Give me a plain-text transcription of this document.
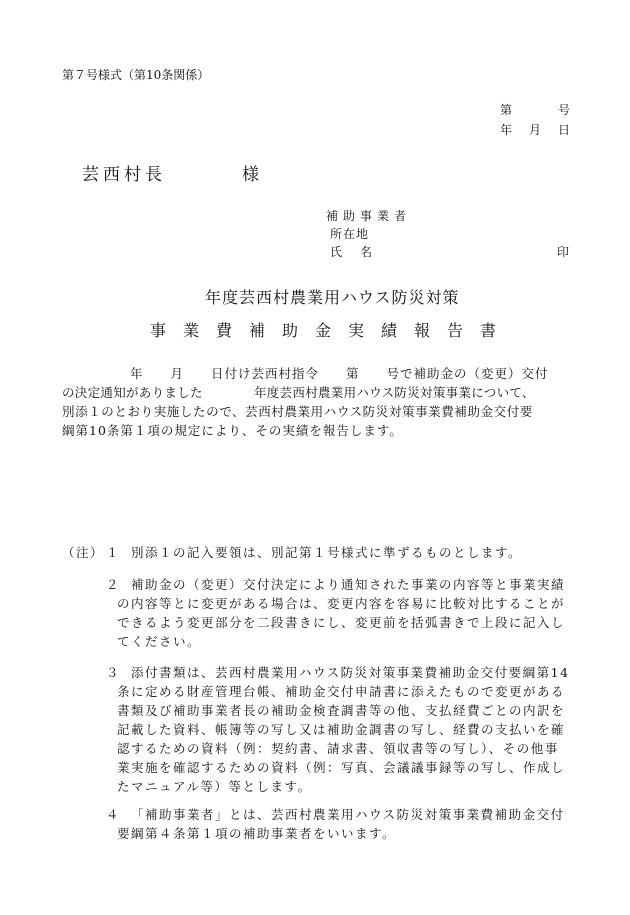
第７号様式（第10条関係）
第	号
年 月 日
芸西村長	様
補助事業者
所在地
氏　名	印
年度芸西村農業用ハウス防災対策
事業費補助金実績報告書
年　　月　　日付け芸西村指令　　第　　号で補助金の（変更）交付
の決定通知がありました　　　　年度芸西村農業用ハウス防災対策事業について、
別添１のとおり実施したので、芸西村農業用ハウス防災対策事業費補助金交付要
綱第10条第１項の規定により、その実績を報告します。
（注） １ 別添１の記入要領は、別記第１号様式に準ずるものとします。
２ 補助金の（変更）交付決定により通知された事業の内容等と事業実績
の内容等とに変更がある場合は、変更内容を容易に比較対比することが
できるよう変更部分を二段書きにし、変更前を括弧書きで上段に記入し
てください。
３ 添付書類は、芸西村農業用ハウス防災対策事業費補助金交付要綱第14
条に定める財産管理台帳、補助金交付申請書に添えたもので変更がある
書類及び補助事業者長の補助金検査調書等の他、支払経費ごとの内訳を
記載した資料、帳簿等の写し又は補助金調書の写し、経費の支払いを確
認するための資料（例：契約書、請求書、領収書等の写し）、その他事
業実施を確認するための資料（例：写真、会議議事録等の写し、作成し
たマニュアル等）等とします。
４ 「補助事業者」とは、芸西村農業用ハウス防災対策事業費補助金交付
要綱第４条第１項の補助事業者をいいます。
